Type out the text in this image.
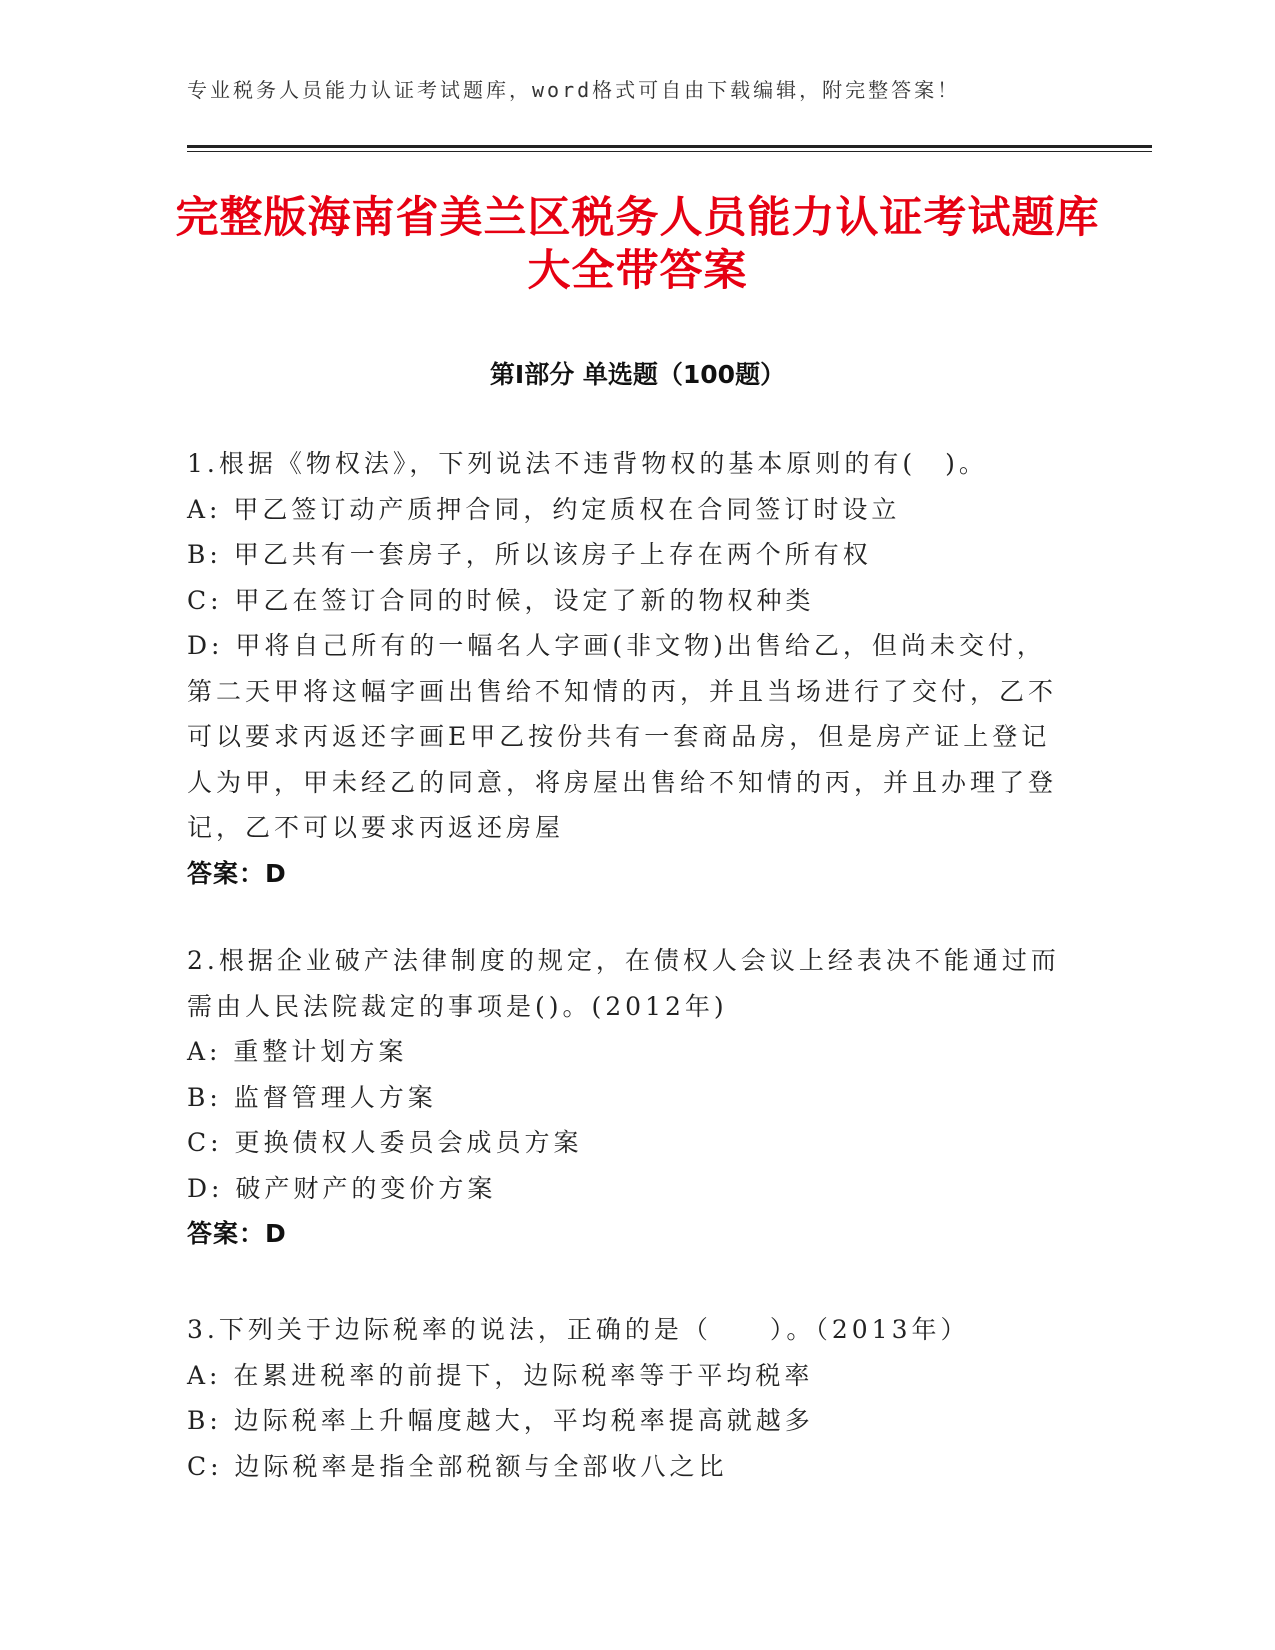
专业税务人员能力认证考试题库，word格式可自由下载编辑，附完整答案！
完整版海南省美兰区税务人员能力认证考试题库大全带答案
第Ⅰ部分 单选题（100题）
1.根据《物权法》，下列说法不违背物权的基本原则的有(　)。
A: 甲乙签订动产质押合同，约定质权在合同签订时设立
B: 甲乙共有一套房子，所以该房子上存在两个所有权
C: 甲乙在签订合同的时候，设定了新的物权种类
D: 甲将自己所有的一幅名人字画(非文物)出售给乙，但尚未交付，第二天甲将这幅字画出售给不知情的丙，并且当场进行了交付，乙不可以要求丙返还字画E甲乙按份共有一套商品房，但是房产证上登记人为甲，甲未经乙的同意，将房屋出售给不知情的丙，并且办理了登记，乙不可以要求丙返还房屋
答案：D
2.根据企业破产法律制度的规定，在债权人会议上经表决不能通过而需由人民法院裁定的事项是()。(2012年)
A: 重整计划方案
B: 监督管理人方案
C: 更换债权人委员会成员方案
D: 破产财产的变价方案
答案：D
3.下列关于边际税率的说法，正确的是（　　）。（2013年）
A: 在累进税率的前提下，边际税率等于平均税率
B: 边际税率上升幅度越大，平均税率提高就越多
C: 边际税率是指全部税额与全部收八之比
